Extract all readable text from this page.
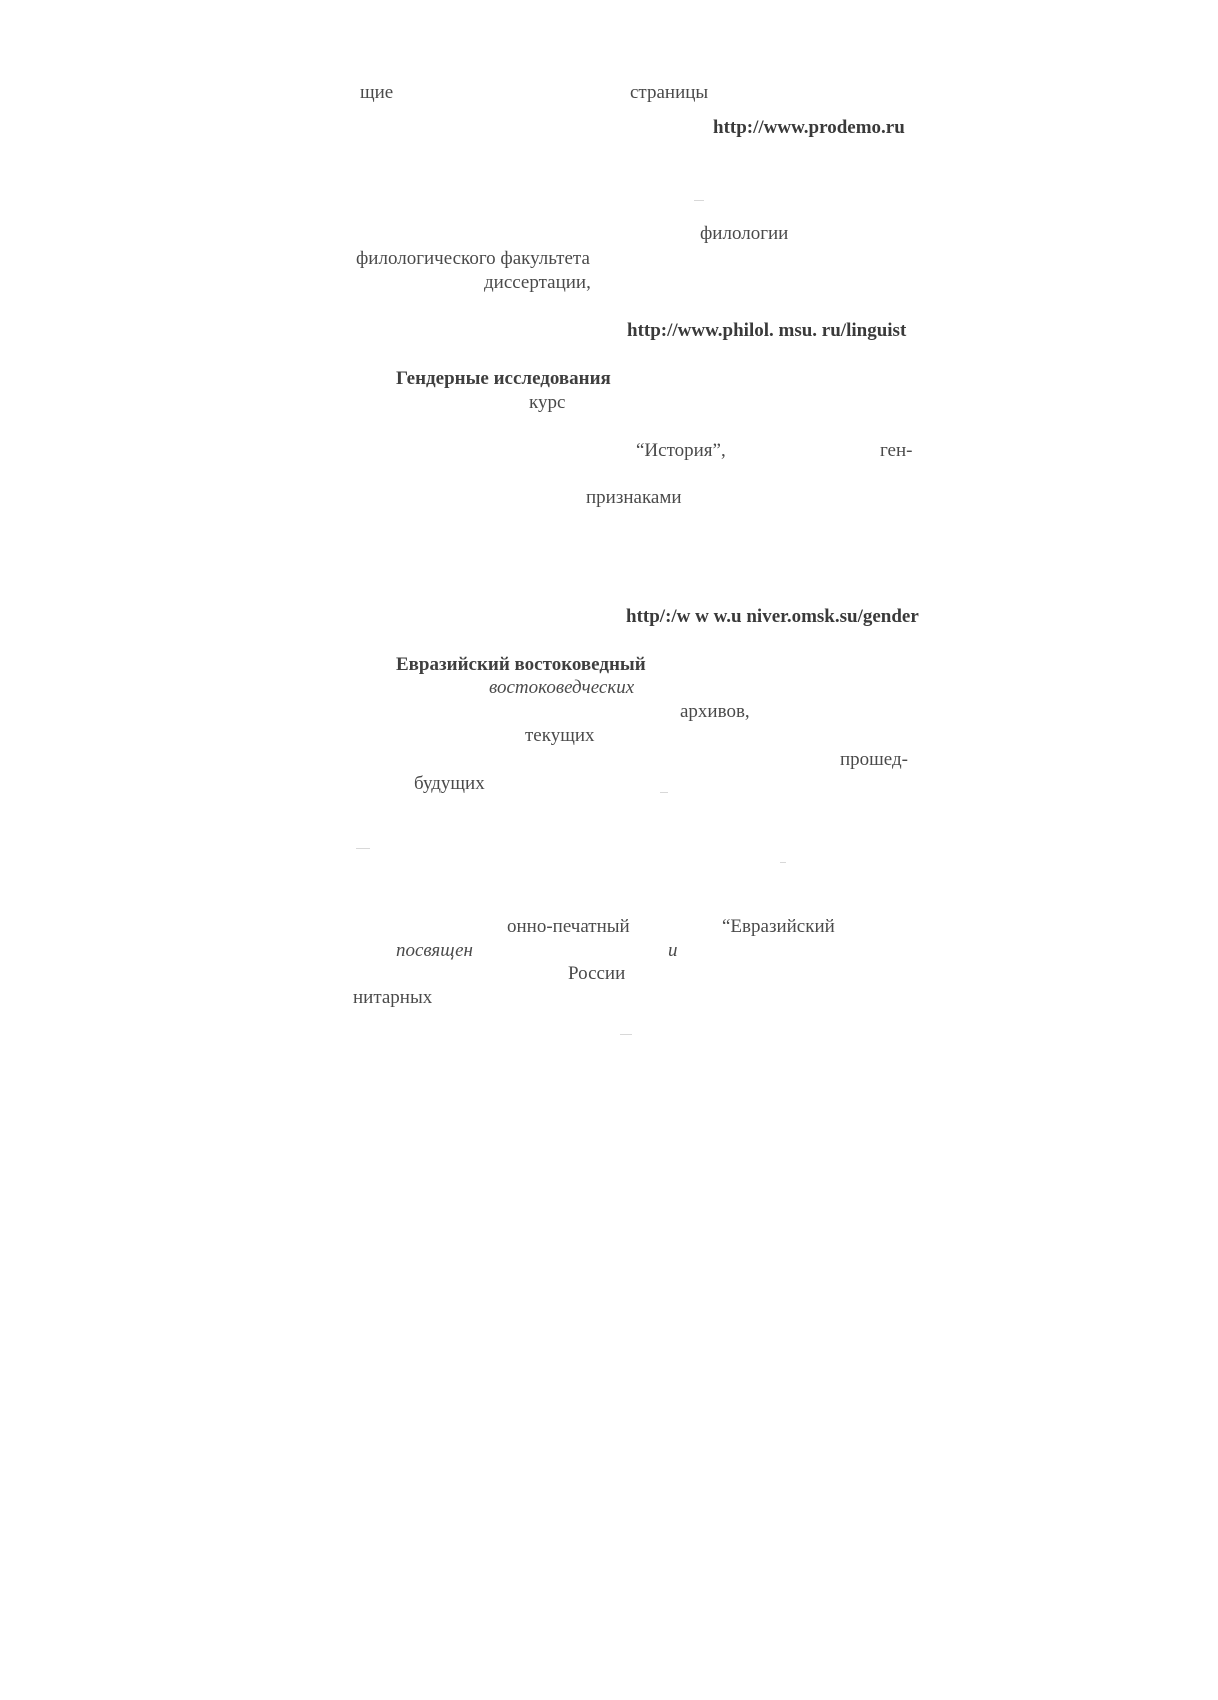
щие	страницы
http://www.prodemo.ru
филологии
филологического факультета
диссертации,
http://www.philol. msu. ru/linguist
Гендерные исследования
курс
“История”,	ген-
признаками
http/:/w w w.u niver.omsk.su/gender
Евразийский востоковедный
востоковедческих
архивов,
текущих
прошед-
будущих
онно-печатный	“Евразийский
посвящен	и
России
нитарных
